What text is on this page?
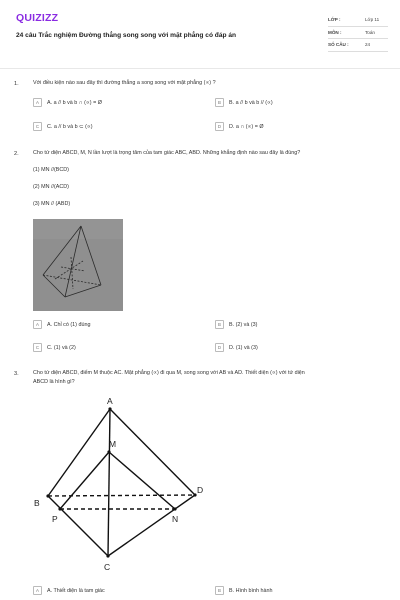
QUIZIZZ
24 câu Trắc nghiệm Đường thẳng song song với mặt phẳng có đáp án
LỚP :	Lớp 11
MÔN :	Toán
SỐ CÂU :	24
1.	Với điều kiện nào sau đây thì đường thẳng a song song với mặt phẳng (∝) ?
A	A. a // b và b ∩ (∝) = Ø	B	B. a // b và b // (∝)
C	C. a // b và b ⊂ (∝)	D	D. a ∩ (∝) = Ø
2.	Cho tứ diện ABCD, M, N lần lượt là trọng tâm của tam giác ABC, ABD. Những khẳng định nào sau đây là đúng?
(1) MN //(BCD)
(2) MN //(ACD)
(3) MN // (ABD)
A	A. Chỉ có (1) đúng	B	B. (2) và (3)
C	C. (1) và (2)	D	D. (1) và (3)
3.	Cho tứ diện ABCD, điểm M thuộc AC. Mặt phẳng (∝) đi qua M, song song với AB và AD. Thiết diện (∝) với tứ diện
ABCD là hình gì?
A
B
C
D
M
N
P
A	A. Thiết diện là tam giác	B	B. Hình bình hành
